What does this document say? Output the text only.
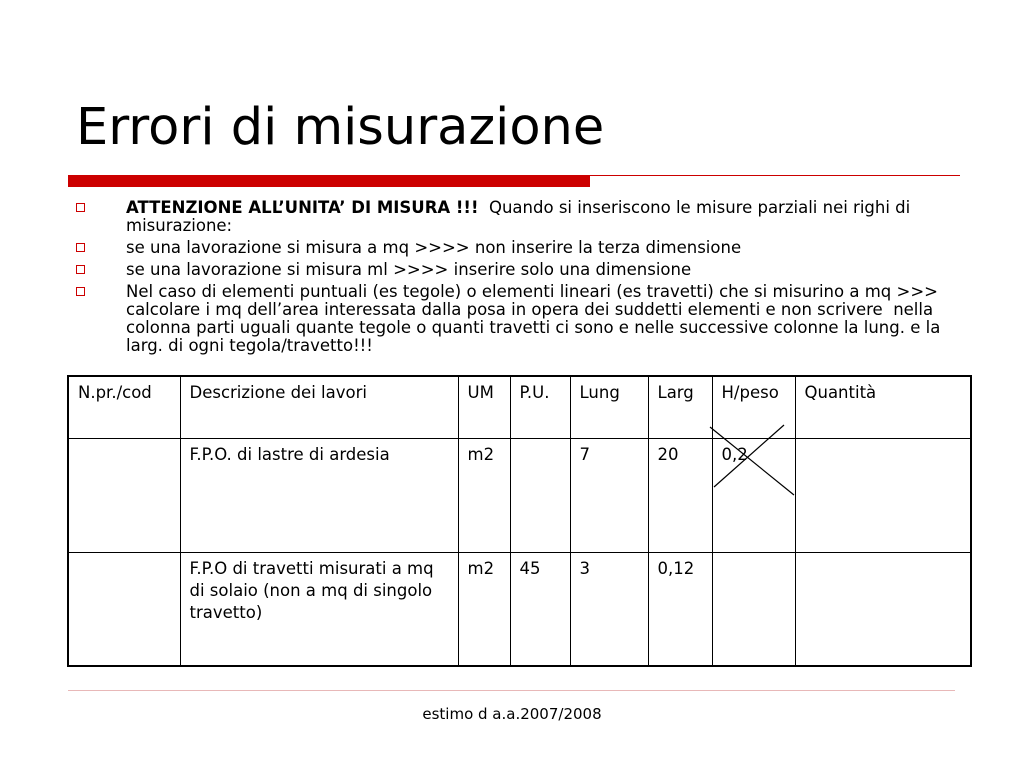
Errori di misurazione
ATTENZIONE ALL’UNITA’ DI MISURA !!!  Quando si inseriscono le misure parziali nei righi di misurazione:
se una lavorazione si misura a mq >>>> non inserire la terza dimensione
se una lavorazione si misura ml >>>> inserire solo una dimensione
Nel caso di elementi puntuali (es tegole) o elementi lineari (es travetti) che si misurino a mq >>> calcolare i mq dell’area interessata dalla posa in opera dei suddetti elementi e non scrivere  nella colonna parti uguali quante tegole o quanti travetti ci sono e nelle successive colonne la lung. e la larg. di ogni tegola/travetto!!!
N.pr./cod	Descrizione dei lavori	UM	P.U.	Lung	Larg	H/peso	Quantità
	F.P.O. di lastre di ardesia	m2		7	20	0,2	
	F.P.O di travetti misurati a mq di solaio (non a mq di singolo travetto)	m2	45	3	0,12		
estimo d a.a.2007/2008
